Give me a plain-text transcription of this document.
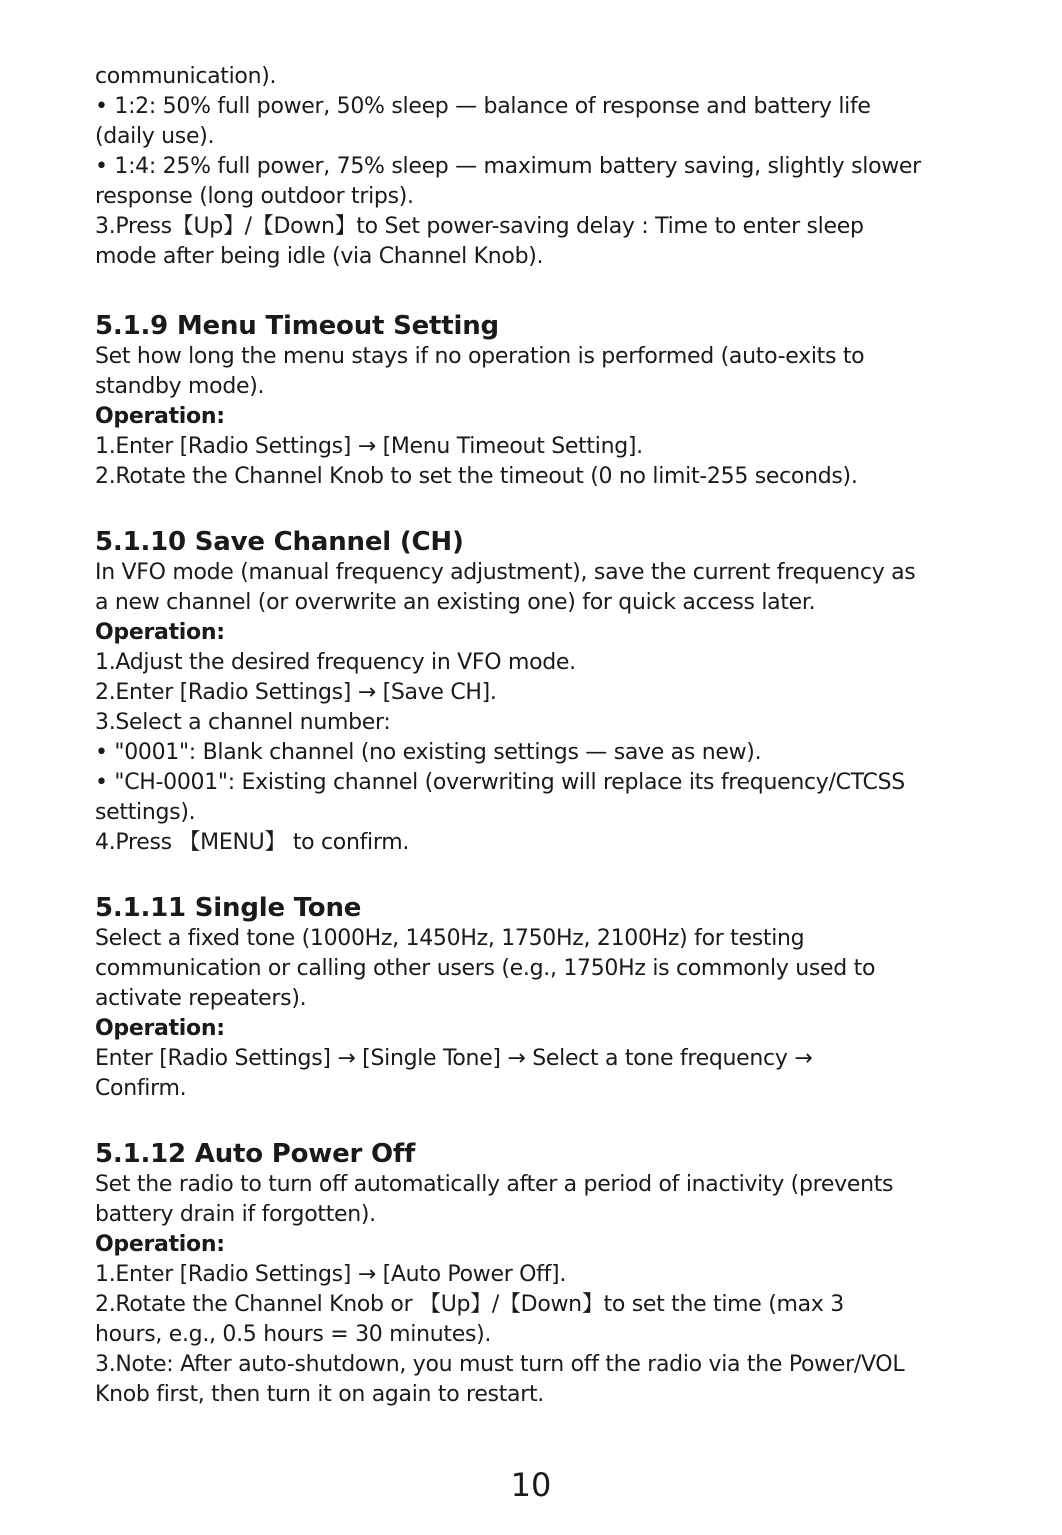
communication).
• 1:2: 50% full power, 50% sleep — balance of response and battery life
(daily use).
• 1:4: 25% full power, 75% sleep — maximum battery saving, slightly slower
response (long outdoor trips).
3.Press【Up】/【Down】to Set power-saving delay : Time to enter sleep
mode after being idle (via Channel Knob).
5.1.9 Menu Timeout Setting
Set how long the menu stays if no operation is performed (auto-exits to
standby mode).
Operation:
1.Enter [Radio Settings] → [Menu Timeout Setting].
2.Rotate the Channel Knob to set the timeout (0 no limit-255 seconds).
5.1.10 Save Channel (CH)
In VFO mode (manual frequency adjustment), save the current frequency as
a new channel (or overwrite an existing one) for quick access later.
Operation:
1.Adjust the desired frequency in VFO mode.
2.Enter [Radio Settings] → [Save CH].
3.Select a channel number:
• "0001": Blank channel (no existing settings — save as new).
• "CH-0001": Existing channel (overwriting will replace its frequency/CTCSS
settings).
4.Press 【MENU】 to confirm.
5.1.11 Single Tone
Select a fixed tone (1000Hz, 1450Hz, 1750Hz, 2100Hz) for testing
communication or calling other users (e.g., 1750Hz is commonly used to
activate repeaters).
Operation:
Enter [Radio Settings] → [Single Tone] → Select a tone frequency →
Confirm.
5.1.12 Auto Power Off
Set the radio to turn off automatically after a period of inactivity (prevents
battery drain if forgotten).
Operation:
1.Enter [Radio Settings] → [Auto Power Off].
2.Rotate the Channel Knob or 【Up】/【Down】to set the time (max 3
hours, e.g., 0.5 hours = 30 minutes).
3.Note: After auto-shutdown, you must turn off the radio via the Power/VOL
Knob first, then turn it on again to restart.
10
